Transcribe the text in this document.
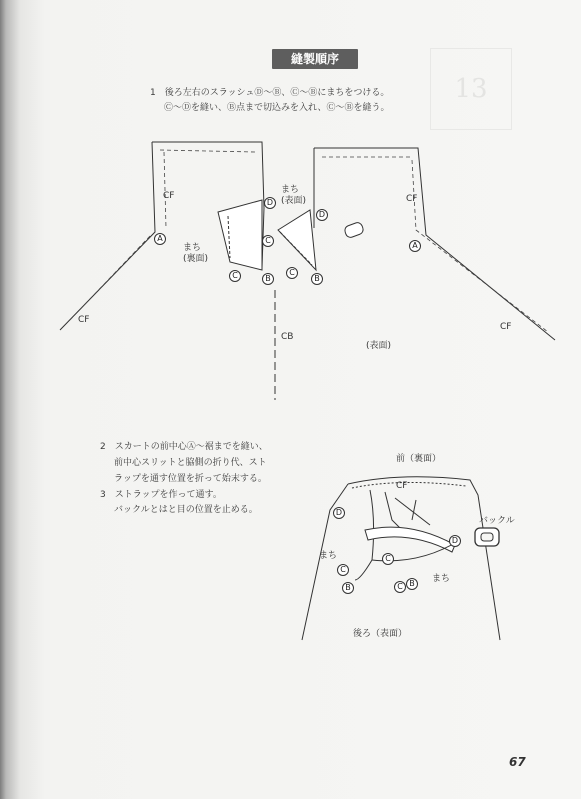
13
縫製順序
1　後ろ左右のスラッシュⒹ〜Ⓑ、Ⓒ〜Ⓑにまちをつける。
Ⓒ〜Ⓓを縫い、Ⓑ点まで切込みを入れ、Ⓒ〜Ⓑを縫う。
CF	CF
CF
CF
CB
まち
(表面)
まち
(裏面)
(表面)
A
A
D
D
C
C	C
B	B
2　スカートの前中心Ⓐ〜裾までを縫い、
前中心スリットと脇側の折り代、スト
ラップを通す位置を折って始末する。
3　ストラップを作って通す。
バックルとはと目の位置を止める。
前（裏面）
CF
バックル
まち
まち
後ろ（表面）
D
D
C
C
B	C B
67
